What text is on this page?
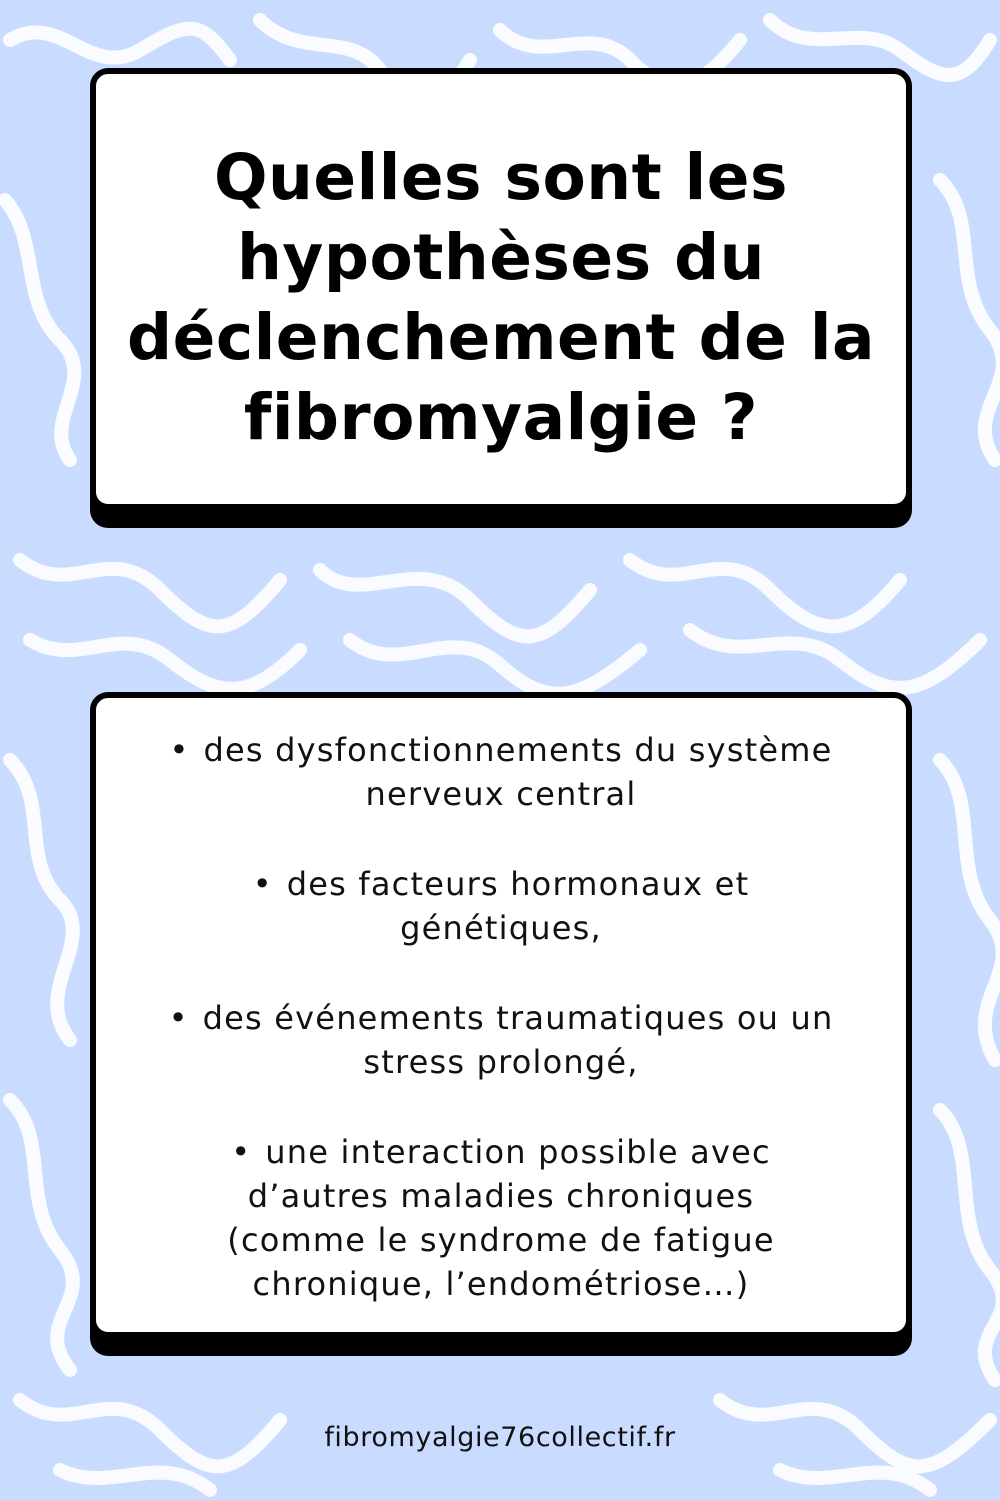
Quelles sont les
hypothèses du
déclenchement de la
fibromyalgie ?
• des dysfonctionnements du système
nerveux central
• des facteurs hormonaux et
génétiques,
• des événements traumatiques ou un
stress prolongé,
• une interaction possible avec
d’autres maladies chroniques
(comme le syndrome de fatigue
chronique, l’endométriose…)
fibromyalgie76collectif.fr
